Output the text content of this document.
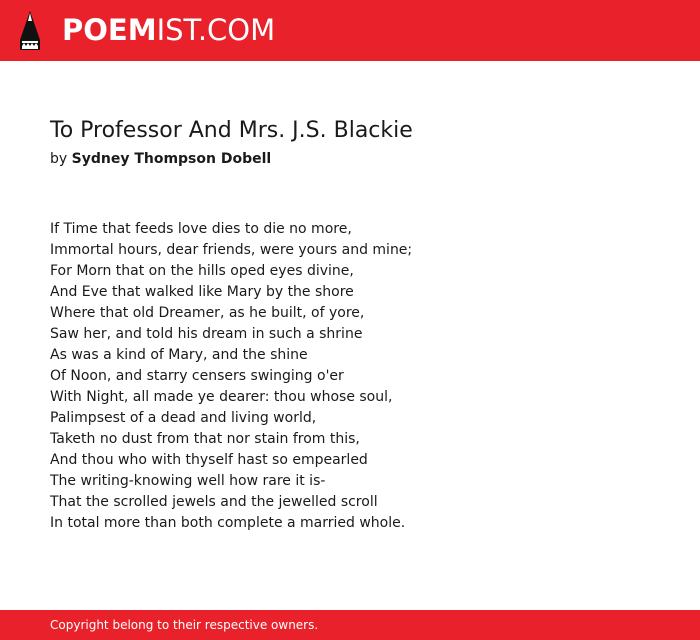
POEMIST.COM
To Professor And Mrs. J.S. Blackie
by Sydney Thompson Dobell
If Time that feeds love dies to die no more,
Immortal hours, dear friends, were yours and mine;
For Morn that on the hills oped eyes divine,
And Eve that walked like Mary by the shore
Where that old Dreamer, as he built, of yore,
Saw her, and told his dream in such a shrine
As was a kind of Mary, and the shine
Of Noon, and starry censers swinging o'er
With Night, all made ye dearer: thou whose soul,
Palimpsest of a dead and living world,
Taketh no dust from that nor stain from this,
And thou who with thyself hast so empearled
The writing-knowing well how rare it is-
That the scrolled jewels and the jewelled scroll
In total more than both complete a married whole.
Copyright belong to their respective owners.
